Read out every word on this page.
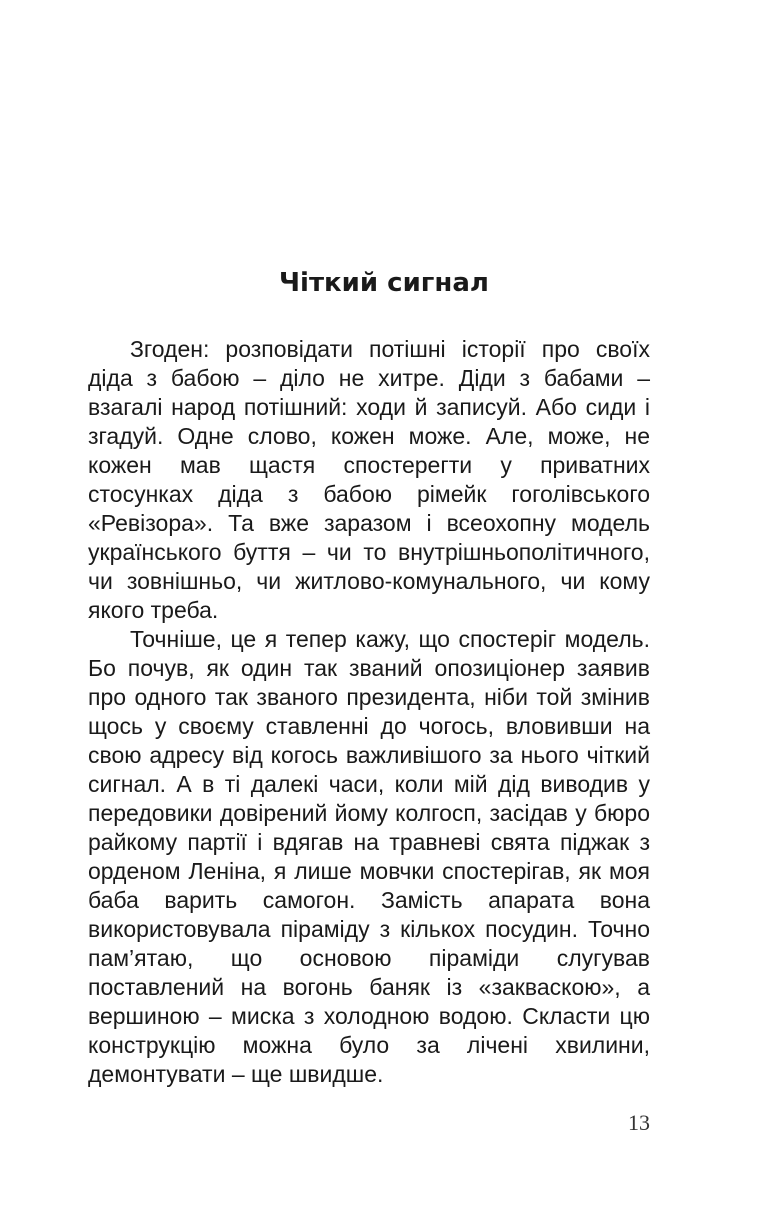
Чіткий сигнал

Згоден: розповідати потішні історії про своїх діда з бабою – діло не хитре. Діди з бабами – взагалі народ потішний: ходи й записуй. Або сиди і згадуй. Одне слово, кожен може. Але, може, не кожен мав щастя спостерегти у приватних стосунках діда з бабою рімейк гоголівського «Ревізора». Та вже заразом і всеохопну модель українського буття – чи то внутрішньополітичного, чи зовнішньо, чи житлово-комунального, чи кому якого треба.

Точніше, це я тепер кажу, що спостеріг модель. Бо почув, як один так званий опозиціонер заявив про одного так званого президента, ніби той змінив щось у своєму ставленні до чогось, вловивши на свою адресу від когось важливішого за нього чіткий сигнал. А в ті далекі часи, коли мій дід виводив у передовики довірений йому колгосп, засідав у бюро райкому партії і вдягав на травневі свята піджак з орденом Леніна, я лише мовчки спостерігав, як моя баба варить самогон. Замість апарата вона використовувала піраміду з кількох посудин. Точно пам’ятаю, що основою піраміди слугував поставлений на вогонь баняк із «закваскою», а вершиною – миска з холодною водою. Скласти цю конструкцію можна було за лічені хвилини, демонтувати – ще швидше.

13
